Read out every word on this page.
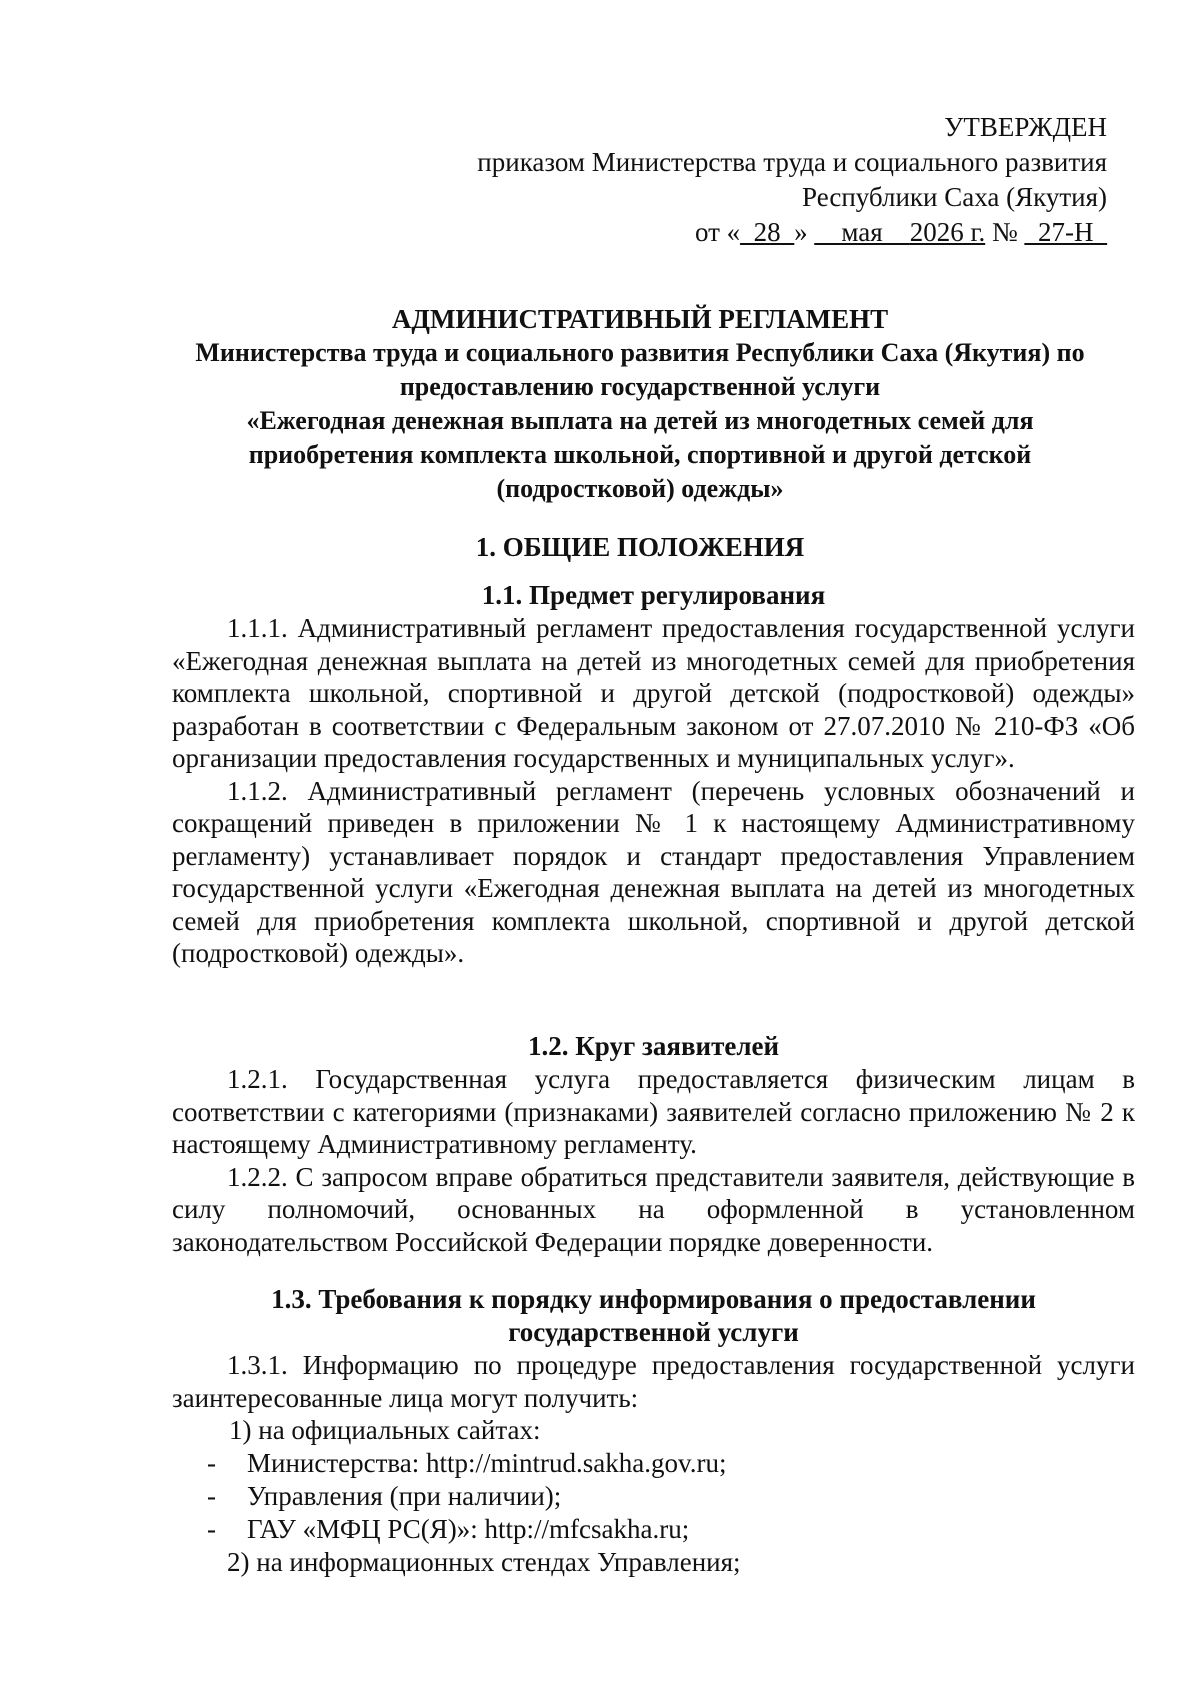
УТВЕРЖДЕН
приказом Министерства труда и социального развития
Республики Саха (Якутия)
от «_28_» __мая__2026 г. № _27-Н_
АДМИНИСТРАТИВНЫЙ РЕГЛАМЕНТ
Министерства труда и социального развития Республики Саха (Якутия) по
предоставлению государственной услуги
«Ежегодная денежная выплата на детей из многодетных семей для
приобретения комплекта школьной, спортивной и другой детской
(подростковой) одежды»
1. ОБЩИЕ ПОЛОЖЕНИЯ
1.1. Предмет регулирования

1.1.1. Административный регламент предоставления государственной услуги «Ежегодная денежная выплата на детей из многодетных семей для приобретения комплекта школьной, спортивной и другой детской (подростковой) одежды» разработан в соответствии с Федеральным законом от 27.07.2010 № 210-ФЗ «Об организации предоставления государственных и муниципальных услуг».

1.1.2. Административный регламент (перечень условных обозначений и сокращений приведен в приложении № 1 к настоящему Административному регламенту) устанавливает порядок и стандарт предоставления Управлением государственной услуги «Ежегодная денежная выплата на детей из многодетных семей для приобретения комплекта школьной, спортивной и другой детской (подростковой) одежды».

1.2. Круг заявителей

1.2.1. Государственная услуга предоставляется физическим лицам в соответствии с категориями (признаками) заявителей согласно приложению № 2 к настоящему Административному регламенту.

1.2.2. С запросом вправе обратиться представители заявителя, действующие в силу полномочий, основанных на оформленной в установленном законодательством Российской Федерации порядке доверенности.

1.3. Требования к порядку информирования о предоставлении
государственной услуги

1.3.1. Информацию по процедуре предоставления государственной услуги заинтересованные лица могут получить:

1) на официальных сайтах:
- Министерства: http://mintrud.sakha.gov.ru;
- Управления (при наличии);
- ГАУ «МФЦ РС(Я)»: http://mfcsakha.ru;
2) на информационных стендах Управления;
